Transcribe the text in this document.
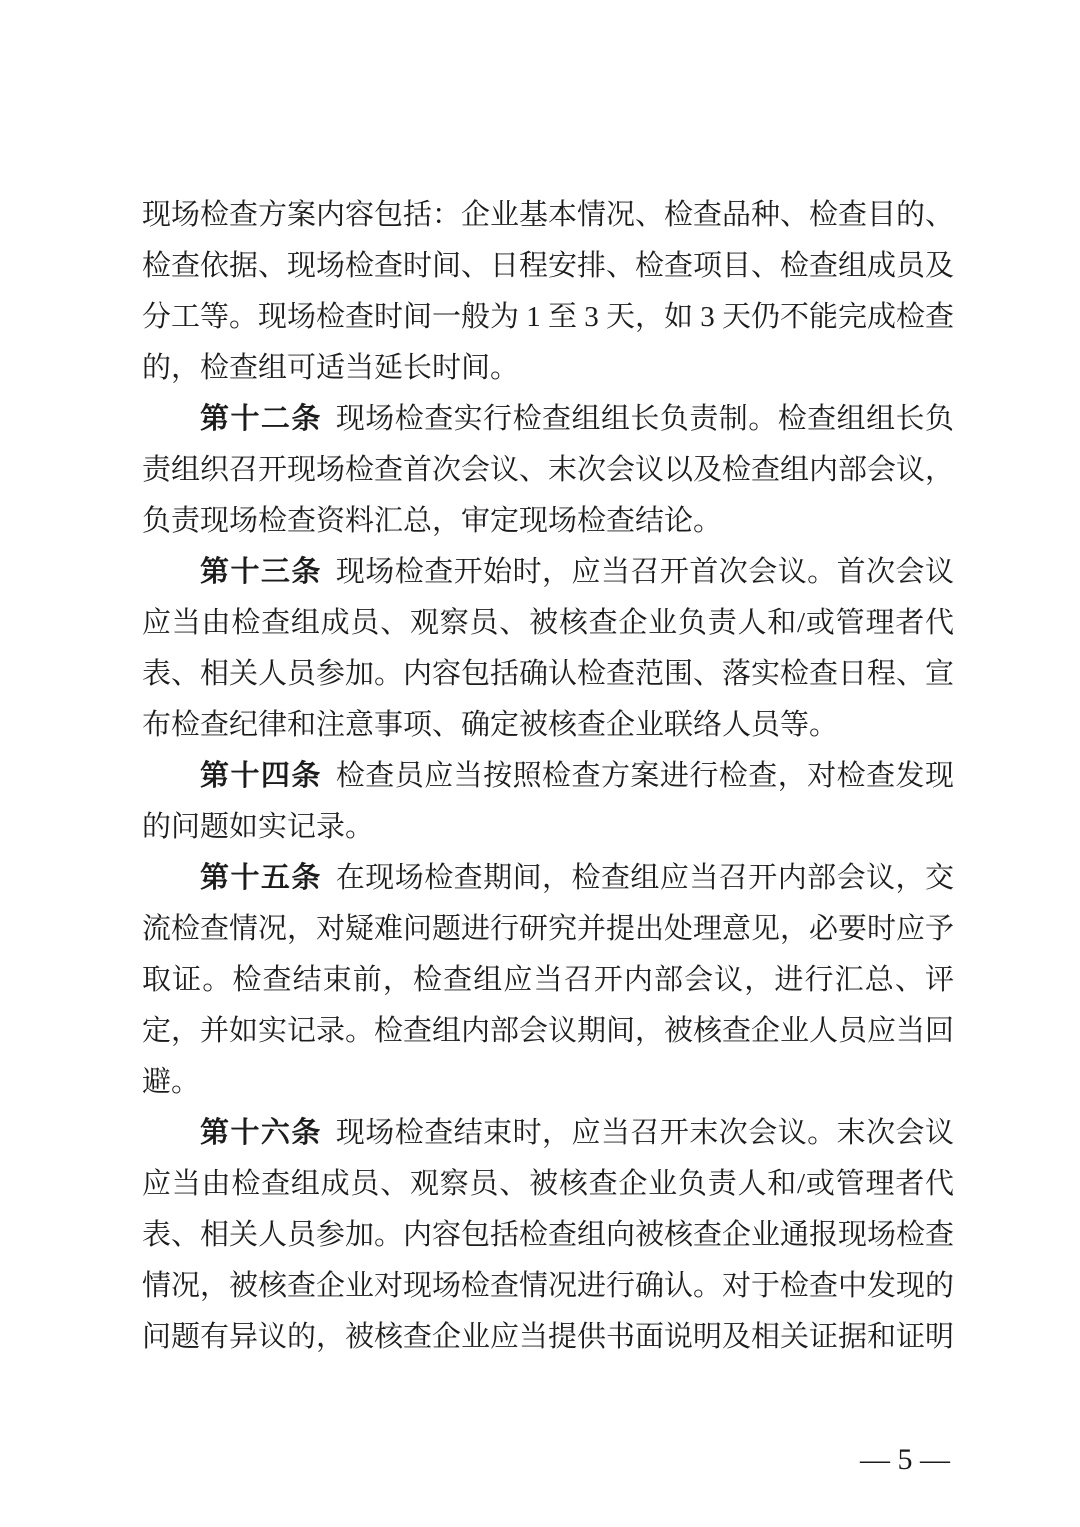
现场检查方案内容包括：企业基本情况、检查品种、检查目的、检查依据、现场检查时间、日程安排、检查项目、检查组成员及分工等。现场检查时间一般为 1 至 3 天，如 3 天仍不能完成检查的，检查组可适当延长时间。

第十二条 现场检查实行检查组组长负责制。检查组组长负责组织召开现场检查首次会议、末次会议以及检查组内部会议，负责现场检查资料汇总，审定现场检查结论。

第十三条 现场检查开始时，应当召开首次会议。首次会议应当由检查组成员、观察员、被核查企业负责人和/或管理者代表、相关人员参加。内容包括确认检查范围、落实检查日程、宣布检查纪律和注意事项、确定被核查企业联络人员等。

第十四条 检查员应当按照检查方案进行检查，对检查发现的问题如实记录。

第十五条 在现场检查期间，检查组应当召开内部会议，交流检查情况，对疑难问题进行研究并提出处理意见，必要时应予取证。检查结束前，检查组应当召开内部会议，进行汇总、评定，并如实记录。检查组内部会议期间，被核查企业人员应当回避。

第十六条 现场检查结束时，应当召开末次会议。末次会议应当由检查组成员、观察员、被核查企业负责人和/或管理者代表、相关人员参加。内容包括检查组向被核查企业通报现场检查情况，被核查企业对现场检查情况进行确认。对于检查中发现的问题有异议的，被核查企业应当提供书面说明及相关证据和证明

— 5 —
